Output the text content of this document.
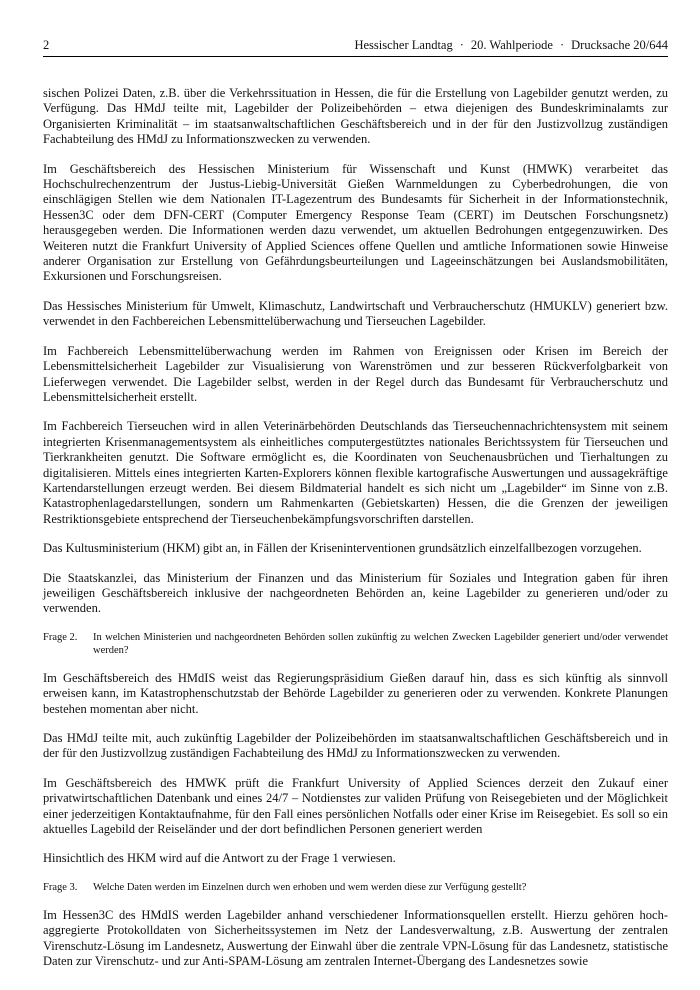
2	Hessischer Landtag · 20. Wahlperiode · Drucksache 20/644

sischen Polizei Daten, z.B. über die Verkehrssituation in Hessen, die für die Erstellung von Lagebilder genutzt werden, zu Verfügung. Das HMdJ teilte mit, Lagebilder der Polizeibehörden – etwa diejenigen des Bundeskriminalamts zur Organisierten Kriminalität – im staatsanwaltschaftlichen Geschäftsbereich und in der für den Justizvollzug zuständigen Fachabteilung des HMdJ zu Informationszwecken zu verwenden.

Im Geschäftsbereich des Hessischen Ministerium für Wissenschaft und Kunst (HMWK) verarbeitet das Hochschulrechenzentrum der Justus-Liebig-Universität Gießen Warnmeldungen zu Cyberbedrohungen, die von einschlägigen Stellen wie dem Nationalen IT-Lagezentrum des Bundesamts für Sicherheit in der Informationstechnik, Hessen3C oder dem DFN-CERT (Computer Emergency Response Team (CERT) im Deutschen Forschungsnetz) herausgegeben werden. Die Informationen werden dazu verwendet, um aktuellen Bedrohungen entgegenzuwirken. Des Weiteren nutzt die Frankfurt University of Applied Sciences offene Quellen und amtliche Informationen sowie Hinweise anderer Organisation zur Erstellung von Gefährdungsbeurteilungen und Lageeinschätzungen bei Auslandsmobilitäten, Exkursionen und Forschungsreisen.

Das Hessisches Ministerium für Umwelt, Klimaschutz, Landwirtschaft und Verbraucherschutz (HMUKLV) generiert bzw. verwendet in den Fachbereichen Lebensmittelüberwachung und Tierseuchen Lagebilder.

Im Fachbereich Lebensmittelüberwachung werden im Rahmen von Ereignissen oder Krisen im Bereich der Lebensmittelsicherheit Lagebilder zur Visualisierung von Warenströmen und zur besseren Rückverfolgbarkeit von Lieferwegen verwendet. Die Lagebilder selbst, werden in der Regel durch das Bundesamt für Verbraucherschutz und Lebensmittelsicherheit erstellt.

Im Fachbereich Tierseuchen wird in allen Veterinärbehörden Deutschlands das Tierseuchennachrichtensystem mit seinem integrierten Krisenmanagementsystem als einheitliches computergestütztes nationales Berichtssystem für Tierseuchen und Tierkrankheiten genutzt. Die Software ermöglicht es, die Koordinaten von Seuchenausbrüchen und Tierhaltungen zu digitalisieren. Mittels eines integrierten Karten-Explorers können flexible kartografische Auswertungen und aussagekräftige Kartendarstellungen erzeugt werden. Bei diesem Bildmaterial handelt es sich nicht um „Lagebilder“ im Sinne von z.B. Katastrophenlagedarstellungen, sondern um Rahmenkarten (Gebietskarten) Hessen, die die Grenzen der jeweiligen Restriktionsgebiete entsprechend der Tierseuchenbekämpfungsvorschriften darstellen.

Das Kultusministerium (HKM) gibt an, in Fällen der Kriseninterventionen grundsätzlich einzelfallbezogen vorzugehen.

Die Staatskanzlei, das Ministerium der Finanzen und das Ministerium für Soziales und Integration gaben für ihren jeweiligen Geschäftsbereich inklusive der nachgeordneten Behörden an, keine Lagebilder zu generieren und/oder zu verwenden.

Frage 2.	In welchen Ministerien und nachgeordneten Behörden sollen zukünftig zu welchen Zwecken Lagebilder generiert und/oder verwendet werden?

Im Geschäftsbereich des HMdIS weist das Regierungspräsidium Gießen darauf hin, dass es sich künftig als sinnvoll erweisen kann, im Katastrophenschutzstab der Behörde Lagebilder zu generieren oder zu verwenden. Konkrete Planungen bestehen momentan aber nicht.

Das HMdJ teilte mit, auch zukünftig Lagebilder der Polizeibehörden im staatsanwaltschaftlichen Geschäftsbereich und in der für den Justizvollzug zuständigen Fachabteilung des HMdJ zu Informationszwecken zu verwenden.

Im Geschäftsbereich des HMWK prüft die Frankfurt University of Applied Sciences derzeit den Zukauf einer privatwirtschaftlichen Datenbank und eines 24/7 – Notdienstes zur validen Prüfung von Reisegebieten und der Möglichkeit einer jederzeitigen Kontaktaufnahme, für den Fall eines persönlichen Notfalls oder einer Krise im Reisegebiet. Es soll so ein aktuelles Lagebild der Reiseländer und der dort befindlichen Personen generiert werden

Hinsichtlich des HKM wird auf die Antwort zu der Frage 1 verwiesen.

Frage 3.	Welche Daten werden im Einzelnen durch wen erhoben und wem werden diese zur Verfügung gestellt?

Im Hessen3C des HMdIS werden Lagebilder anhand verschiedener Informationsquellen erstellt. Hierzu gehören hoch-aggregierte Protokolldaten von Sicherheitssystemen im Netz der Landesverwaltung, z.B. Auswertung der zentralen Virenschutz-Lösung im Landesnetz, Auswertung der Einwahl über die zentrale VPN-Lösung für das Landesnetz, statistische Daten zur Virenschutz- und zur Anti-SPAM-Lösung am zentralen Internet-Übergang des Landesnetzes sowie
